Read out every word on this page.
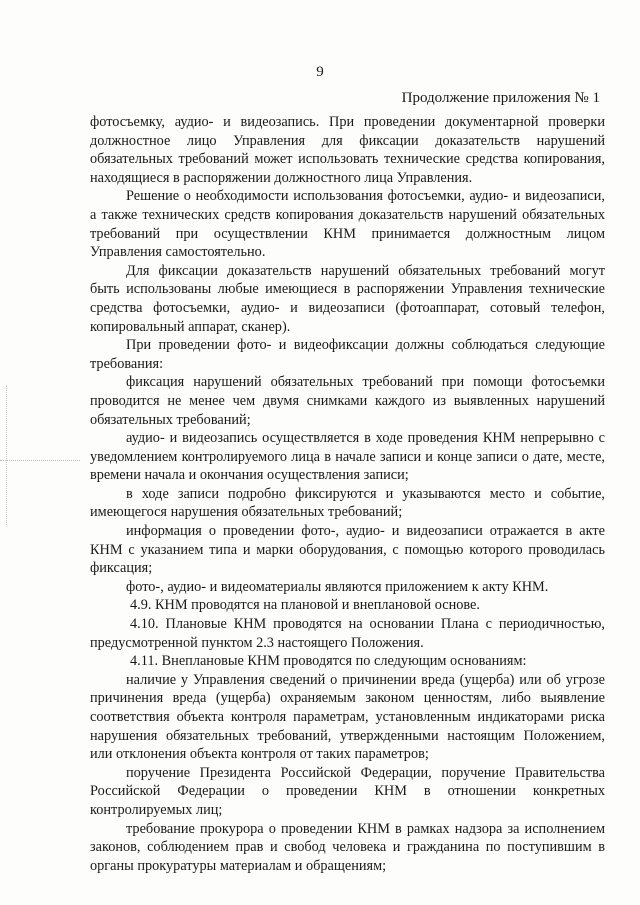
9
Продолжение приложения № 1

фотосъемку, аудио- и видеозапись. При проведении документарной проверки должностное лицо Управления для фиксации доказательств нарушений обязательных требований может использовать технические средства копирования, находящиеся в распоряжении должностного лица Управления.

Решение о необходимости использования фотосъемки, аудио- и видеозаписи, а также технических средств копирования доказательств нарушений обязательных требований при осуществлении КНМ принимается должностным лицом Управления самостоятельно.

Для фиксации доказательств нарушений обязательных требований могут быть использованы любые имеющиеся в распоряжении Управления технические средства фотосъемки, аудио- и видеозаписи (фотоаппарат, сотовый телефон, копировальный аппарат, сканер).

При проведении фото- и видеофиксации должны соблюдаться следующие требования:

фиксация нарушений обязательных требований при помощи фотосъемки проводится не менее чем двумя снимками каждого из выявленных нарушений обязательных требований;

аудио- и видеозапись осуществляется в ходе проведения КНМ непрерывно с уведомлением контролируемого лица в начале записи и конце записи о дате, месте, времени начала и окончания осуществления записи;

в ходе записи подробно фиксируются и указываются место и событие, имеющегося нарушения обязательных требований;

информация о проведении фото-, аудио- и видеозаписи отражается в акте КНМ с указанием типа и марки оборудования, с помощью которого проводилась фиксация;

фото-, аудио- и видеоматериалы являются приложением к акту КНМ.

4.9. КНМ проводятся на плановой и внеплановой основе.

4.10. Плановые КНМ проводятся на основании Плана с периодичностью, предусмотренной пунктом 2.3 настоящего Положения.

4.11. Внеплановые КНМ проводятся по следующим основаниям:

наличие у Управления сведений о причинении вреда (ущерба) или об угрозе причинения вреда (ущерба) охраняемым законом ценностям, либо выявление соответствия объекта контроля параметрам, установленным индикаторами риска нарушения обязательных требований, утвержденными настоящим Положением, или отклонения объекта контроля от таких параметров;

поручение Президента Российской Федерации, поручение Правительства Российской Федерации о проведении КНМ в отношении конкретных контролируемых лиц;

требование прокурора о проведении КНМ в рамках надзора за исполнением законов, соблюдением прав и свобод человека и гражданина по поступившим в органы прокуратуры материалам и обращениям;
